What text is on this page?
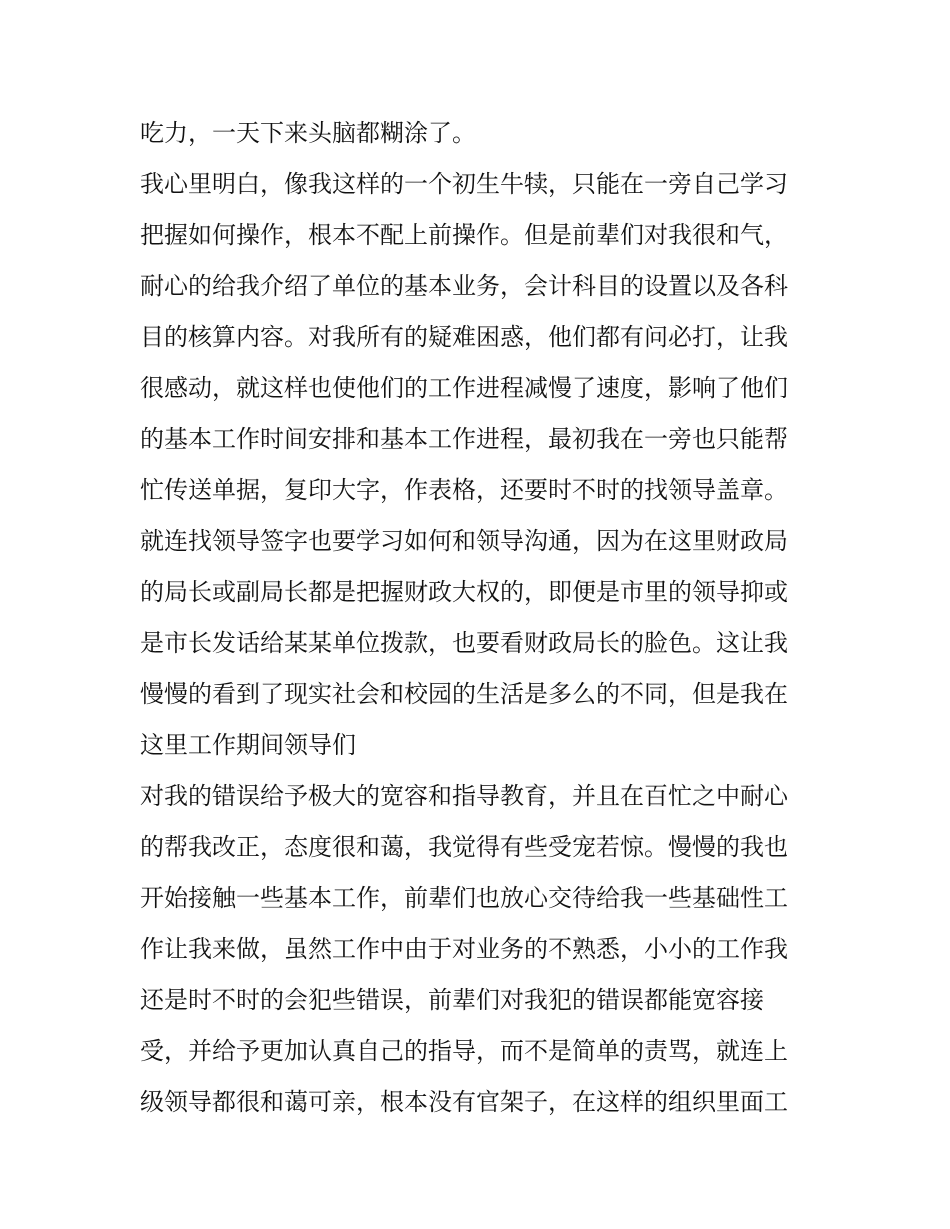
吃力，一天下来头脑都糊涂了。
我心里明白，像我这样的一个初生牛犊，只能在一旁自己学习
把握如何操作，根本不配上前操作。但是前辈们对我很和气，
耐心的给我介绍了单位的基本业务，会计科目的设置以及各科
目的核算内容。对我所有的疑难困惑，他们都有问必打，让我
很感动，就这样也使他们的工作进程减慢了速度，影响了他们
的基本工作时间安排和基本工作进程，最初我在一旁也只能帮
忙传送单据，复印大字，作表格，还要时不时的找领导盖章。
就连找领导签字也要学习如何和领导沟通，因为在这里财政局
的局长或副局长都是把握财政大权的，即便是市里的领导抑或
是市长发话给某某单位拨款，也要看财政局长的脸色。这让我
慢慢的看到了现实社会和校园的生活是多么的不同，但是我在
这里工作期间领导们
对我的错误给予极大的宽容和指导教育，并且在百忙之中耐心
的帮我改正，态度很和蔼，我觉得有些受宠若惊。慢慢的我也
开始接触一些基本工作，前辈们也放心交待给我一些基础性工
作让我来做，虽然工作中由于对业务的不熟悉，小小的工作我
还是时不时的会犯些错误，前辈们对我犯的错误都能宽容接
受，并给予更加认真自己的指导，而不是简单的责骂，就连上
级领导都很和蔼可亲，根本没有官架子，在这样的组织里面工
